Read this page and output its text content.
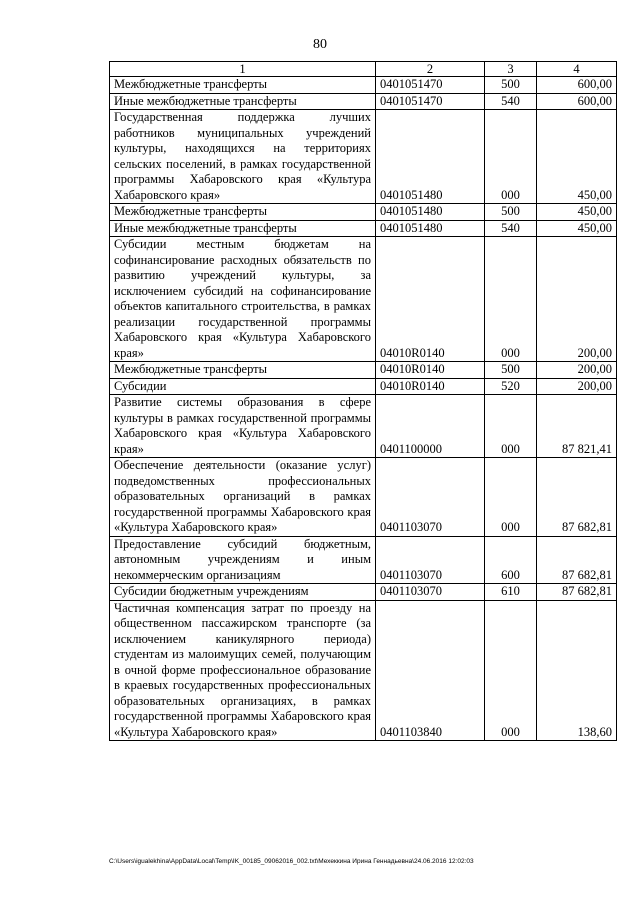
80
1	2	3	4
Межбюджетные трансферты	0401051470	500	600,00
Иные межбюджетные трансферты	0401051470	540	600,00
Государственная поддержка лучших работников муниципальных учреждений культуры, находящихся на территориях сельских поселений, в рамках государственной программы Хабаровского края «Культура Хабаровского края»	0401051480	000	450,00
Межбюджетные трансферты	0401051480	500	450,00
Иные межбюджетные трансферты	0401051480	540	450,00
Субсидии местным бюджетам на софинансирование расходных обязательств по развитию учреждений культуры, за исключением субсидий на софинансирование объектов капитального строительства, в рамках реализации государственной программы Хабаровского края «Культура Хабаровского края»	04010R0140	000	200,00
Межбюджетные трансферты	04010R0140	500	200,00
Субсидии	04010R0140	520	200,00
Развитие системы образования в сфере культуры в рамках государственной программы Хабаровского края «Культура Хабаровского края»	0401100000	000	87 821,41
Обеспечение деятельности (оказание услуг) подведомственных профессиональных образовательных организаций в рамках государственной программы Хабаровского края «Культура Хабаровского края»	0401103070	000	87 682,81
Предоставление субсидий бюджетным, автономным учреждениям и иным некоммерческим организациям	0401103070	600	87 682,81
Субсидии бюджетным учреждениям	0401103070	610	87 682,81
Частичная компенсация затрат по проезду на общественном пассажирском транспорте (за исключением каникулярного периода) студентам из малоимущих семей, получающим в очной форме профессиональное образование в краевых государственных профессиональных образовательных организациях, в рамках государственной программы Хабаровского края «Культура Хабаровского края»	0401103840	000	138,60
C:\Users\igualekhina\AppData\Local\Temp\IK_00185_09062016_002.txt\Мехеккина Ирина Геннадьевна\24.06.2016 12:02:03
